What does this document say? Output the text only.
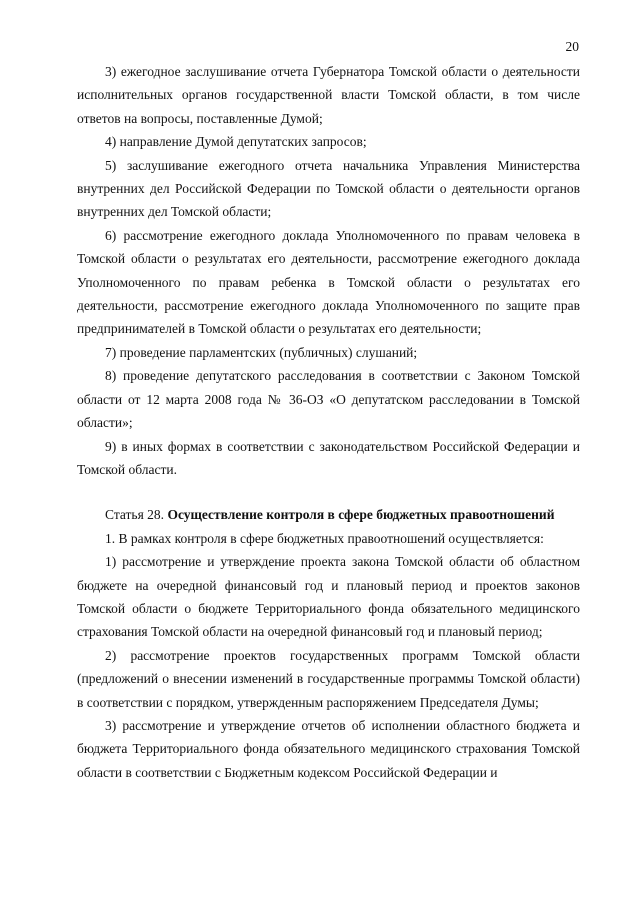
20

3) ежегодное заслушивание отчета Губернатора Томской области о деятельности исполнительных органов государственной власти Томской области, в том числе ответов на вопросы, поставленные Думой;

4) направление Думой депутатских запросов;

5) заслушивание ежегодного отчета начальника Управления Министерства внутренних дел Российской Федерации по Томской области о деятельности органов внутренних дел Томской области;

6) рассмотрение ежегодного доклада Уполномоченного по правам человека в Томской области о результатах его деятельности, рассмотрение ежегодного доклада Уполномоченного по правам ребенка в Томской области о результатах его деятельности, рассмотрение ежегодного доклада Уполномоченного по защите прав предпринимателей в Томской области о результатах его деятельности;

7) проведение парламентских (публичных) слушаний;

8) проведение депутатского расследования в соответствии с Законом Томской области от 12 марта 2008 года № 36-ОЗ «О депутатском расследовании в Томской области»;

9) в иных формах в соответствии с законодательством Российской Федерации и Томской области.

Статья 28. Осуществление контроля в сфере бюджетных правоотношений

1. В рамках контроля в сфере бюджетных правоотношений осуществляется:

1) рассмотрение и утверждение проекта закона Томской области об областном бюджете на очередной финансовый год и плановый период и проектов законов Томской области о бюджете Территориального фонда обязательного медицинского страхования Томской области на очередной финансовый год и плановый период;

2) рассмотрение проектов государственных программ Томской области (предложений о внесении изменений в государственные программы Томской области) в соответствии с порядком, утвержденным распоряжением Председателя Думы;

3) рассмотрение и утверждение отчетов об исполнении областного бюджета и бюджета Территориального фонда обязательного медицинского страхования Томской области в соответствии с Бюджетным кодексом Российской Федерации и
